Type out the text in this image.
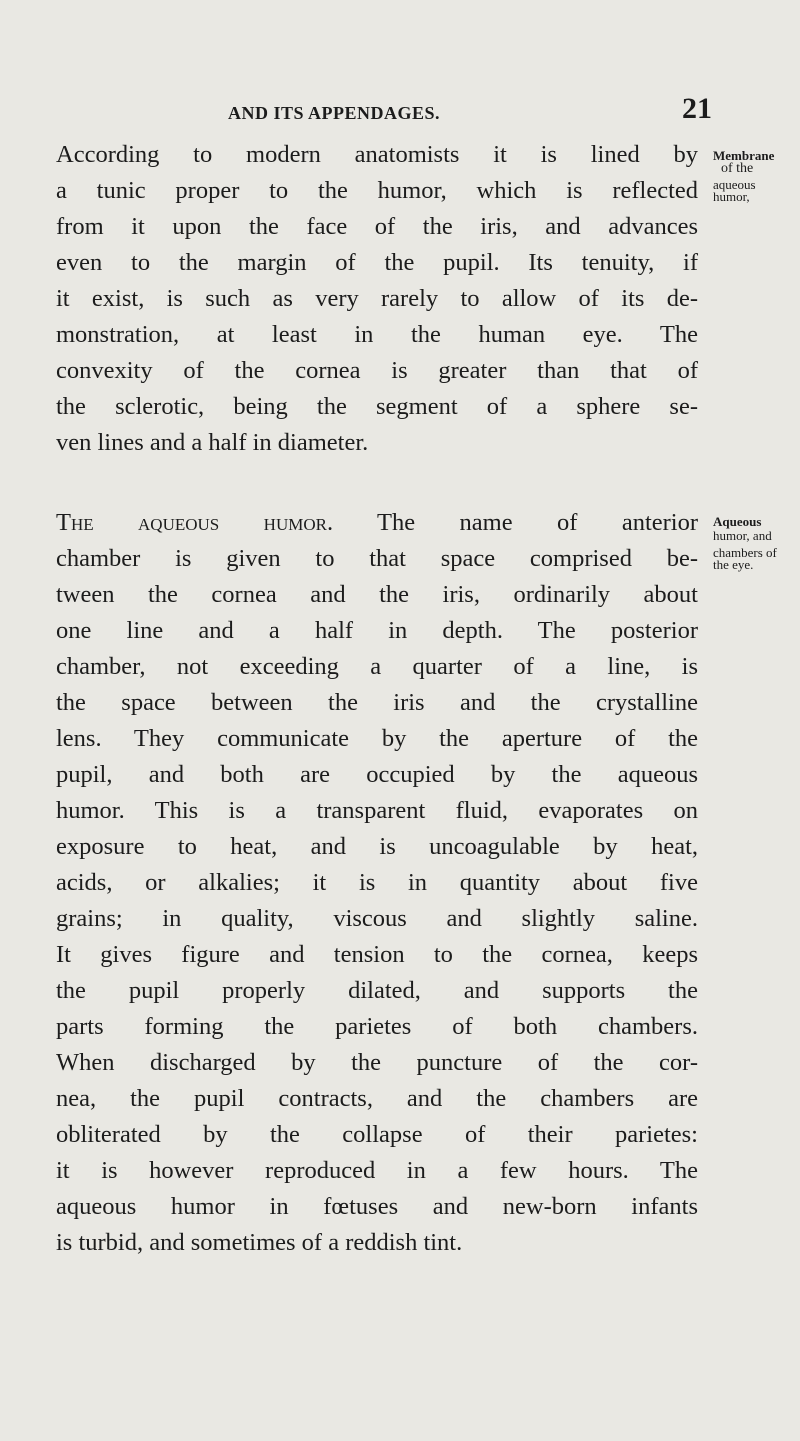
AND ITS APPENDAGES.	21
According to modern anatomists it is lined by
a tunic proper to the humor, which is reflected
from it upon the face of the iris, and advances
even to the margin of the pupil. Its tenuity, if
it exist, is such as very rarely to allow of its de-
monstration, at least in the human eye. The
convexity of the cornea is greater than that of
the sclerotic, being the segment of a sphere se-
ven lines and a half in diameter.
The aqueous humor. The name of anterior
chamber is given to that space comprised be-
tween the cornea and the iris, ordinarily about
one line and a half in depth. The posterior
chamber, not exceeding a quarter of a line, is
the space between the iris and the crystalline
lens. They communicate by the aperture of the
pupil, and both are occupied by the aqueous
humor. This is a transparent fluid, evaporates on
exposure to heat, and is uncoagulable by heat,
acids, or alkalies; it is in quantity about five
grains; in quality, viscous and slightly saline.
It gives figure and tension to the cornea, keeps
the pupil properly dilated, and supports the
parts forming the parietes of both chambers.
When discharged by the puncture of the cor-
nea, the pupil contracts, and the chambers are
obliterated by the collapse of their parietes:
it is however reproduced in a few hours. The
aqueous humor in fœtuses and new-born infants
is turbid, and sometimes of a reddish tint.
Membrane
of the
aqueous
humor,
Aqueous
humor, and
chambers of
the eye.
